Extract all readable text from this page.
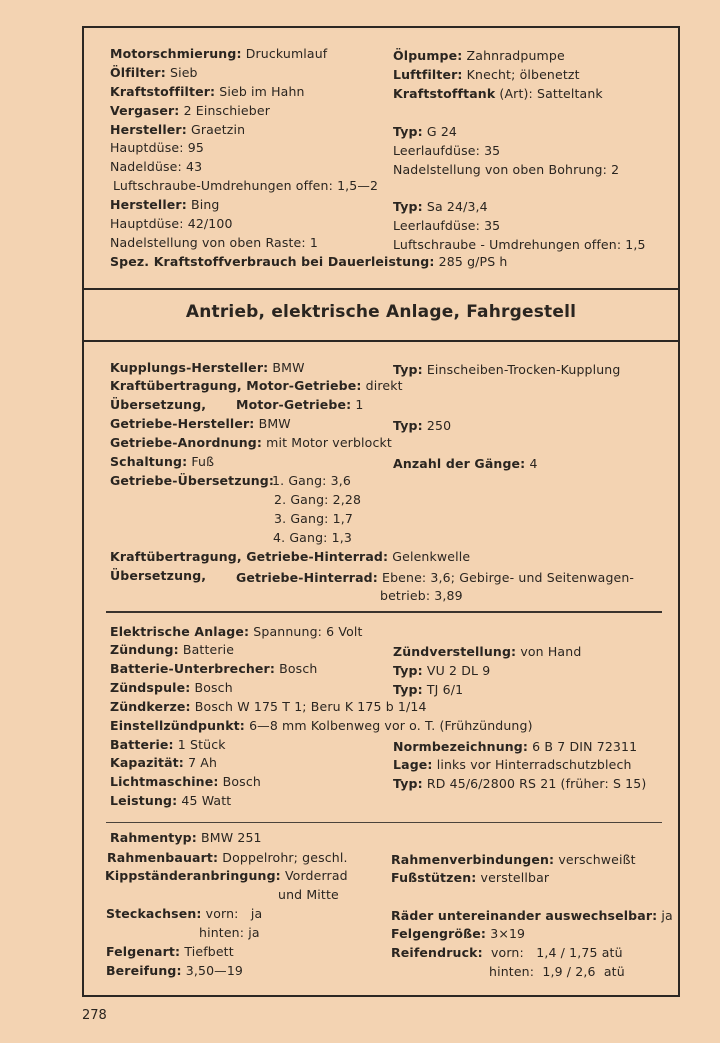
Antrieb, elektrische Anlage, Fahrgestell
Motorschmierung: Druckumlauf	Ölpumpe: Zahnradpumpe
Ölfilter: Sieb	Luftfilter: Knecht; ölbenetzt
Kraftstoffilter: Sieb im Hahn	Kraftstofftank (Art): Satteltank
Vergaser: 2 Einschieber
Hersteller: Graetzin	Typ: G 24
Hauptdüse: 95	Leerlaufdüse: 35
Nadeldüse: 43	Nadelstellung von oben Bohrung: 2
Luftschraube-Umdrehungen offen: 1,5—2
Hersteller: Bing	Typ: Sa 24/3,4
Hauptdüse: 42/100	Leerlaufdüse: 35
Nadelstellung von oben Raste: 1	Luftschraube - Umdrehungen offen: 1,5
Spez. Kraftstoffverbrauch bei Dauerleistung: 285 g/PS h
Kupplungs-Hersteller: BMW	Typ: Einscheiben-Trocken-Kupplung
Kraftübertragung, Motor-Getriebe: direkt
Übersetzung, Motor-Getriebe: 1
Getriebe-Hersteller: BMW	Typ: 250
Getriebe-Anordnung: mit Motor verblockt
Schaltung: Fuß	Anzahl der Gänge: 4
Getriebe-Übersetzung:
1. Gang: 3,6
2. Gang: 2,28
3. Gang: 1,7
4. Gang: 1,3
Kraftübertragung, Getriebe-Hinterrad: Gelenkwelle
Übersetzung, Getriebe-Hinterrad: Ebene: 3,6; Gebirge- und Seitenwagen-
betrieb: 3,89
Elektrische Anlage: Spannung: 6 Volt
Zündung: Batterie	Zündverstellung: von Hand
Batterie-Unterbrecher: Bosch	Typ: VU 2 DL 9
Zündspule: Bosch	Typ: TJ 6/1
Zündkerze: Bosch W 175 T 1; Beru K 175 b 1/14
Einstellzündpunkt: 6—8 mm Kolbenweg vor o. T. (Frühzündung)
Batterie: 1 Stück	Normbezeichnung: 6 B 7 DIN 72311
Kapazität: 7 Ah	Lage: links vor Hinterradschutzblech
Lichtmaschine: Bosch	Typ: RD 45/6/2800 RS 21 (früher: S 15)
Leistung: 45 Watt
Rahmentyp: BMW 251
Rahmenbauart: Doppelrohr; geschl.	Rahmenverbindungen: verschweißt
Kippständeranbringung: Vorderrad	Fußstützen: verstellbar
und Mitte
Steckachsen: vorn:   ja	Räder untereinander auswechselbar: ja
hinten: ja	Felgengröße: 3×19
Felgenart: Tiefbett	Reifendruck:  vorn:   1,4 / 1,75 atü
Bereifung: 3,50—19	hinten:  1,9 / 2,6  atü
278
